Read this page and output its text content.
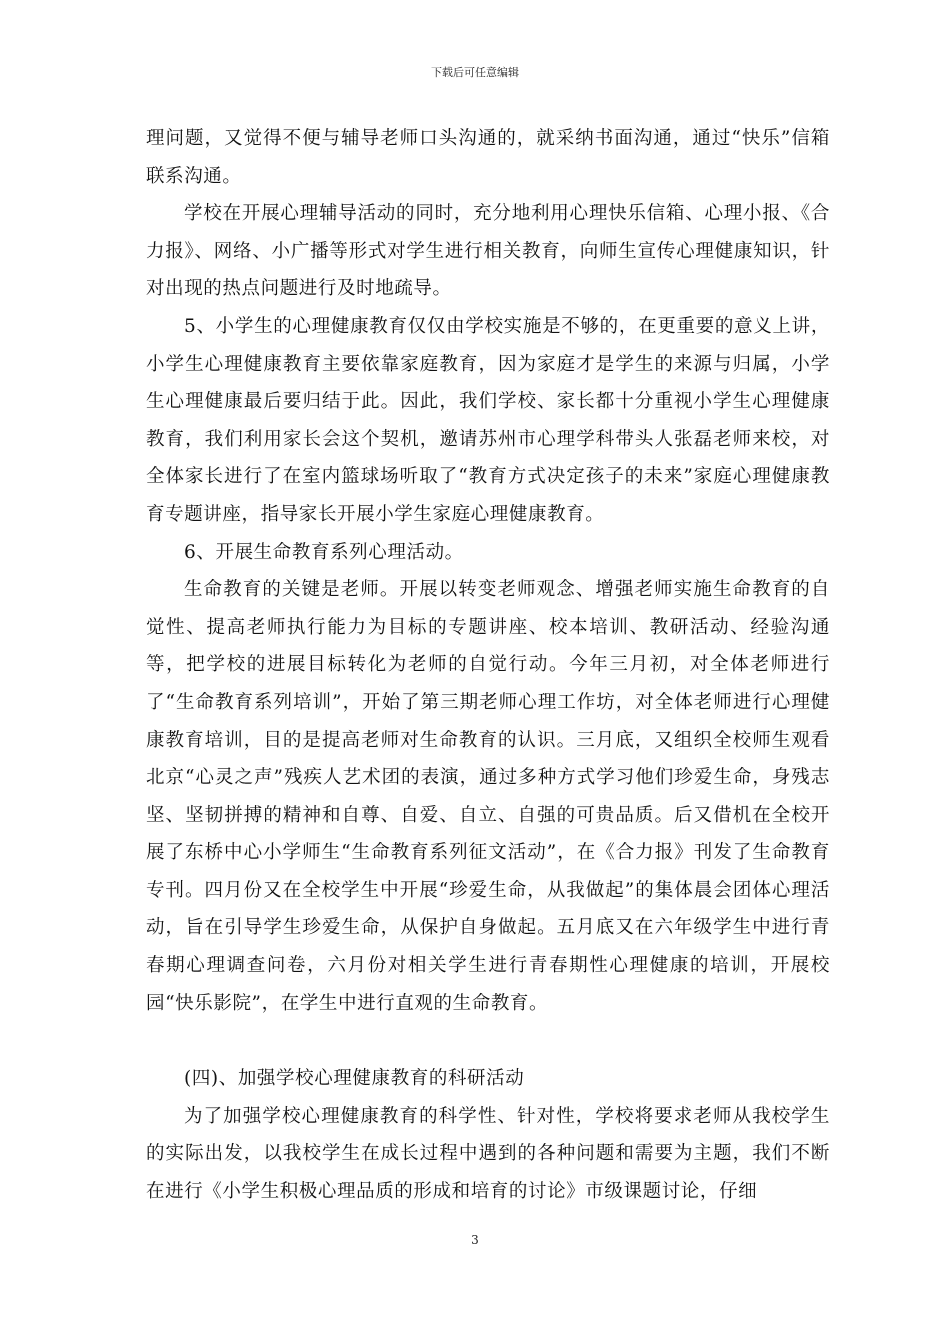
下载后可任意编辑

理问题，又觉得不便与辅导老师口头沟通的，就采纳书面沟通，通过“快乐”信箱联系沟通。

学校在开展心理辅导活动的同时，充分地利用心理快乐信箱、心理小报、《合力报》、网络、小广播等形式对学生进行相关教育，向师生宣传心理健康知识，针对出现的热点问题进行及时地疏导。

5、小学生的心理健康教育仅仅由学校实施是不够的，在更重要的意义上讲，小学生心理健康教育主要依靠家庭教育，因为家庭才是学生的来源与归属，小学生心理健康最后要归结于此。因此，我们学校、家长都十分重视小学生心理健康教育，我们利用家长会这个契机，邀请苏州市心理学科带头人张磊老师来校，对全体家长进行了在室内篮球场听取了“教育方式决定孩子的未来”家庭心理健康教育专题讲座，指导家长开展小学生家庭心理健康教育。

6、开展生命教育系列心理活动。

生命教育的关键是老师。开展以转变老师观念、增强老师实施生命教育的自觉性、提高老师执行能力为目标的专题讲座、校本培训、教研活动、经验沟通等，把学校的进展目标转化为老师的自觉行动。今年三月初，对全体老师进行了“生命教育系列培训”，开始了第三期老师心理工作坊，对全体老师进行心理健康教育培训，目的是提高老师对生命教育的认识。三月底，又组织全校师生观看北京“心灵之声”残疾人艺术团的表演，通过多种方式学习他们珍爱生命，身残志坚、坚韧拼搏的精神和自尊、自爱、自立、自强的可贵品质。后又借机在全校开展了东桥中心小学师生“生命教育系列征文活动”，在《合力报》刊发了生命教育专刊。四月份又在全校学生中开展“珍爱生命，从我做起”的集体晨会团体心理活动，旨在引导学生珍爱生命，从保护自身做起。五月底又在六年级学生中进行青春期心理调查问卷，六月份对相关学生进行青春期性心理健康的培训，开展校园“快乐影院”，在学生中进行直观的生命教育。

(四)、加强学校心理健康教育的科研活动

为了加强学校心理健康教育的科学性、针对性，学校将要求老师从我校学生的实际出发，以我校学生在成长过程中遇到的各种问题和需要为主题，我们不断在进行《小学生积极心理品质的形成和培育的讨论》市级课题讨论，仔细

3
